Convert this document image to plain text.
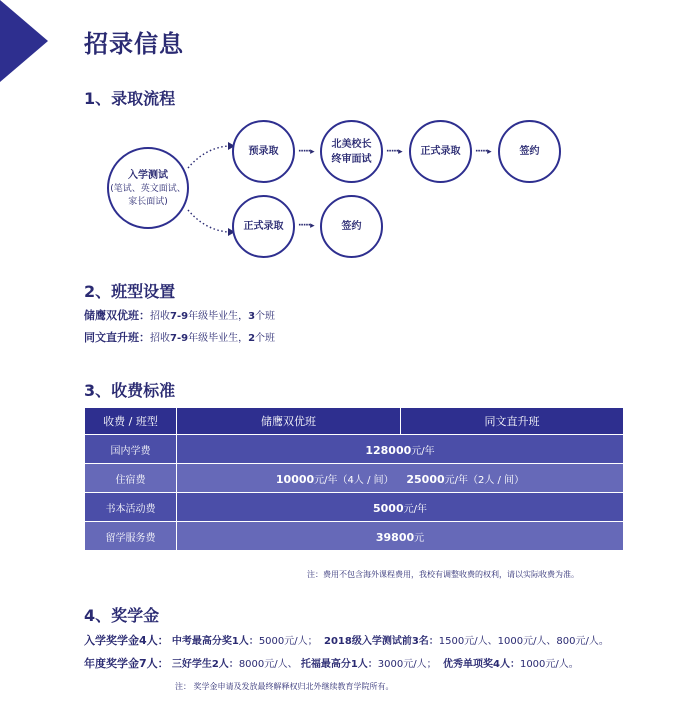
招录信息
1、录取流程
入学测试
(笔试、英文面试、
家长面试)
预录取 ·····▸
北美校长
终审面试
·····▸ 正式录取 ·····▸	签约
正式录取 ·····▸	签约
2、班型设置
储鹰双优班：招收7-9年级毕业生，3个班
同文直升班：招收7-9年级毕业生，2个班
3、收费标准
收费 / 班型	储鹰双优班	同文直升班
国内学费	128000元/年	
住宿费	10000元/年（4人 / 间） 25000元/年（2人 / 间）	
书本活动费	5000元/年	
留学服务费	39800元	
注：费用不包含海外课程费用，我校有调整收费的权利，请以实际收费为准。
4、奖学金
入学奖学金4人： 中考最高分奖1人：5000元/人； 2018级入学测试前3名：1500元/人、1000元/人、800元/人。
年度奖学金7人： 三好学生2人：8000元/人、 托福最高分1人：3000元/人； 优秀单项奖4人：1000元/人。
注： 奖学金申请及发放最终解释权归北外继续教育学院所有。
